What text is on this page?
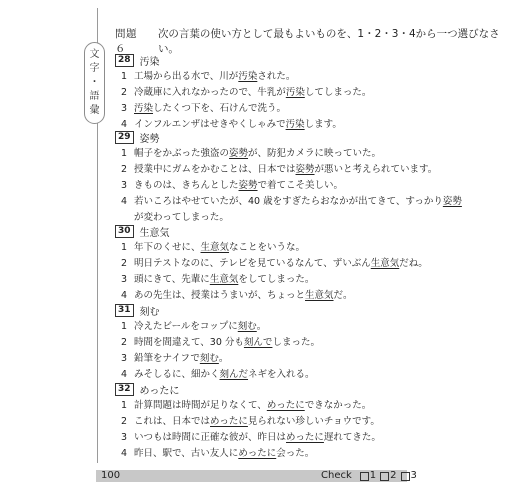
文
字
・
語
彙
問題６
次の言葉の使い方として最もよいものを、1・2・3・4から一つ選びなさい。
28 汚染
1 工場から出る水で、川が汚染された。
2 冷蔵庫に入れなかったので、牛乳が汚染してしまった。
3 汚染したくつ下を、石けんで洗う。
4 インフルエンザはせきやくしゃみで汚染します。
29 姿勢
1 帽子をかぶった強盗の姿勢が、防犯カメラに映っていた。
2 授業中にガムをかむことは、日本では姿勢が悪いと考えられています。
3 きものは、きちんとした姿勢で着てこそ美しい。
4 若いころはやせていたが、40 歳をすぎたらおなかが出てきて、すっかり姿勢
が変わってしまった。
30 生意気
1 年下のくせに、生意気なことをいうな。
2 明日テストなのに、テレビを見ているなんて、ずいぶん生意気だね。
3 頭にきて、先輩に生意気をしてしまった。
4 あの先生は、授業はうまいが、ちょっと生意気だ。
31 刻む
1 冷えたビールをコップに刻む。
2 時間を間違えて、30 分も刻んでしまった。
3 鉛筆をナイフで刻む。
4 みそしるに、細かく刻んだネギを入れる。
32 めったに
1 計算問題は時間が足りなくて、めったにできなかった。
2 これは、日本ではめったに見られない珍しいチョウです。
3 いつもは時間に正確な彼が、昨日はめったに遅れてきた。
4 昨日、駅で、古い友人にめったに会った。
100	Check 1 2 3
